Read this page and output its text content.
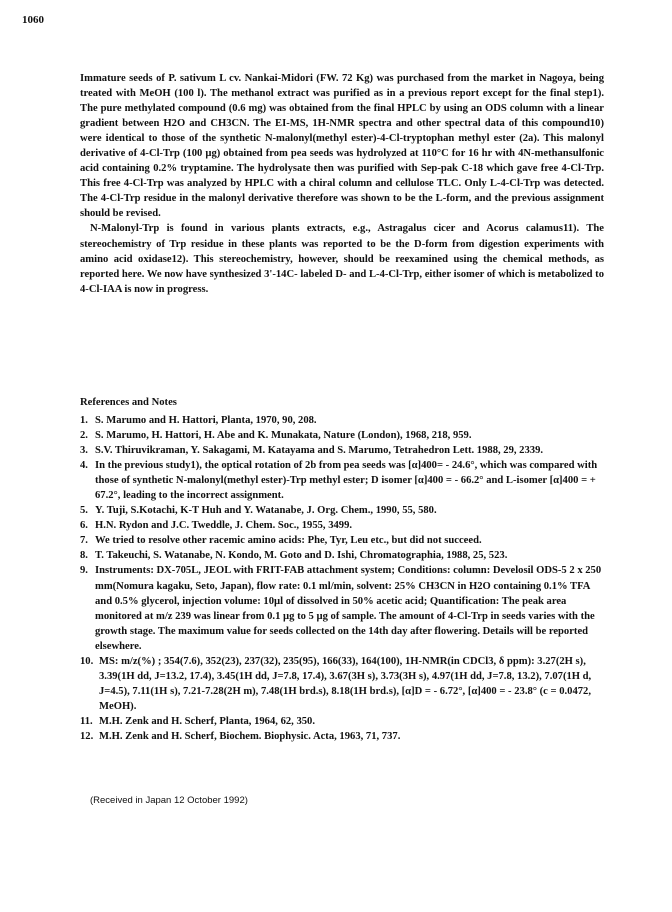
1060

Immature seeds of P. sativum L cv. Nankai-Midori (FW. 72 Kg) was purchased from the market in Nagoya, being treated with MeOH (100 l). The methanol extract was purified as in a previous report except for the final step1). The pure methylated compound (0.6 mg) was obtained from the final HPLC by using an ODS column with a linear gradient between H2O and CH3CN. The EI-MS, 1H-NMR spectra and other spectral data of this compound10) were identical to those of the synthetic N-malonyl(methyl ester)-4-Cl-tryptophan methyl ester (2a). This malonyl derivative of 4-Cl-Trp (100 µg) obtained from pea seeds was hydrolyzed at 110°C for 16 hr with 4N-methansulfonic acid containing 0.2% tryptamine. The hydrolysate then was purified with Sep-pak C-18 which gave free 4-Cl-Trp. This free 4-Cl-Trp was analyzed by HPLC with a chiral column and cellulose TLC. Only L-4-Cl-Trp was detected. The 4-Cl-Trp residue in the malonyl derivative therefore was shown to be the L-form, and the previous assignment should be revised.

N-Malonyl-Trp is found in various plants extracts, e.g., Astragalus cicer and Acorus calamus11). The stereochemistry of Trp residue in these plants was reported to be the D-form from digestion experiments with amino acid oxidase12). This stereochemistry, however, should be reexamined using the chemical methods, as reported here. We now have synthesized 3'-14C- labeled D- and L-4-Cl-Trp, either isomer of which is metabolized to 4-Cl-IAA is now in progress.

References and Notes
1. S. Marumo and H. Hattori, Planta, 1970, 90, 208.
2. S. Marumo, H. Hattori, H. Abe and K. Munakata, Nature (London), 1968, 218, 959.
3. S.V. Thiruvikraman, Y. Sakagami, M. Katayama and S. Marumo, Tetrahedron Lett. 1988, 29, 2339.
4. In the previous study1), the optical rotation of 2b from pea seeds was [α]400= - 24.6°, which was compared with those of synthetic N-malonyl(methyl ester)-Trp methyl ester; D isomer [α]400 = - 66.2° and L-isomer [α]400 = + 67.2°, leading to the incorrect assignment.
5. Y. Tuji, S.Kotachi, K-T Huh and Y. Watanabe, J. Org. Chem., 1990, 55, 580.
6. H.N. Rydon and J.C. Tweddle, J. Chem. Soc., 1955, 3499.
7. We tried to resolve other racemic amino acids: Phe, Tyr, Leu etc., but did not succeed.
8. T. Takeuchi, S. Watanabe, N. Kondo, M. Goto and D. Ishi, Chromatographia, 1988, 25, 523.
9. Instruments: DX-705L, JEOL with FRIT-FAB attachment system; Conditions: column: Develosil ODS-5 2 x 250 mm(Nomura kagaku, Seto, Japan), flow rate: 0.1 ml/min, solvent: 25% CH3CN in H2O containing 0.1% TFA and 0.5% glycerol, injection volume: 10µl of dissolved in 50% acetic acid; Quantification: The peak area monitored at m/z 239 was linear from 0.1 µg to 5 µg of sample. The amount of 4-Cl-Trp in seeds varies with the growth stage. The maximum value for seeds collected on the 14th day after flowering. Details will be reported elsewhere.
10. MS: m/z(%) ; 354(7.6), 352(23), 237(32), 235(95), 166(33), 164(100), 1H-NMR(in CDCl3, δ ppm): 3.27(2H s), 3.39(1H dd, J=13.2, 17.4), 3.45(1H dd, J=7.8, 17.4), 3.67(3H s), 3.73(3H s), 4.97(1H dd, J=7.8, 13.2), 7.07(1H d, J=4.5), 7.11(1H s), 7.21-7.28(2H m), 7.48(1H brd.s), 8.18(1H brd.s), [α]D = - 6.72°, [α]400 = - 23.8° (c = 0.0472, MeOH).
11. M.H. Zenk and H. Scherf, Planta, 1964, 62, 350.
12. M.H. Zenk and H. Scherf, Biochem. Biophysic. Acta, 1963, 71, 737.
(Received in Japan 12 October 1992)
